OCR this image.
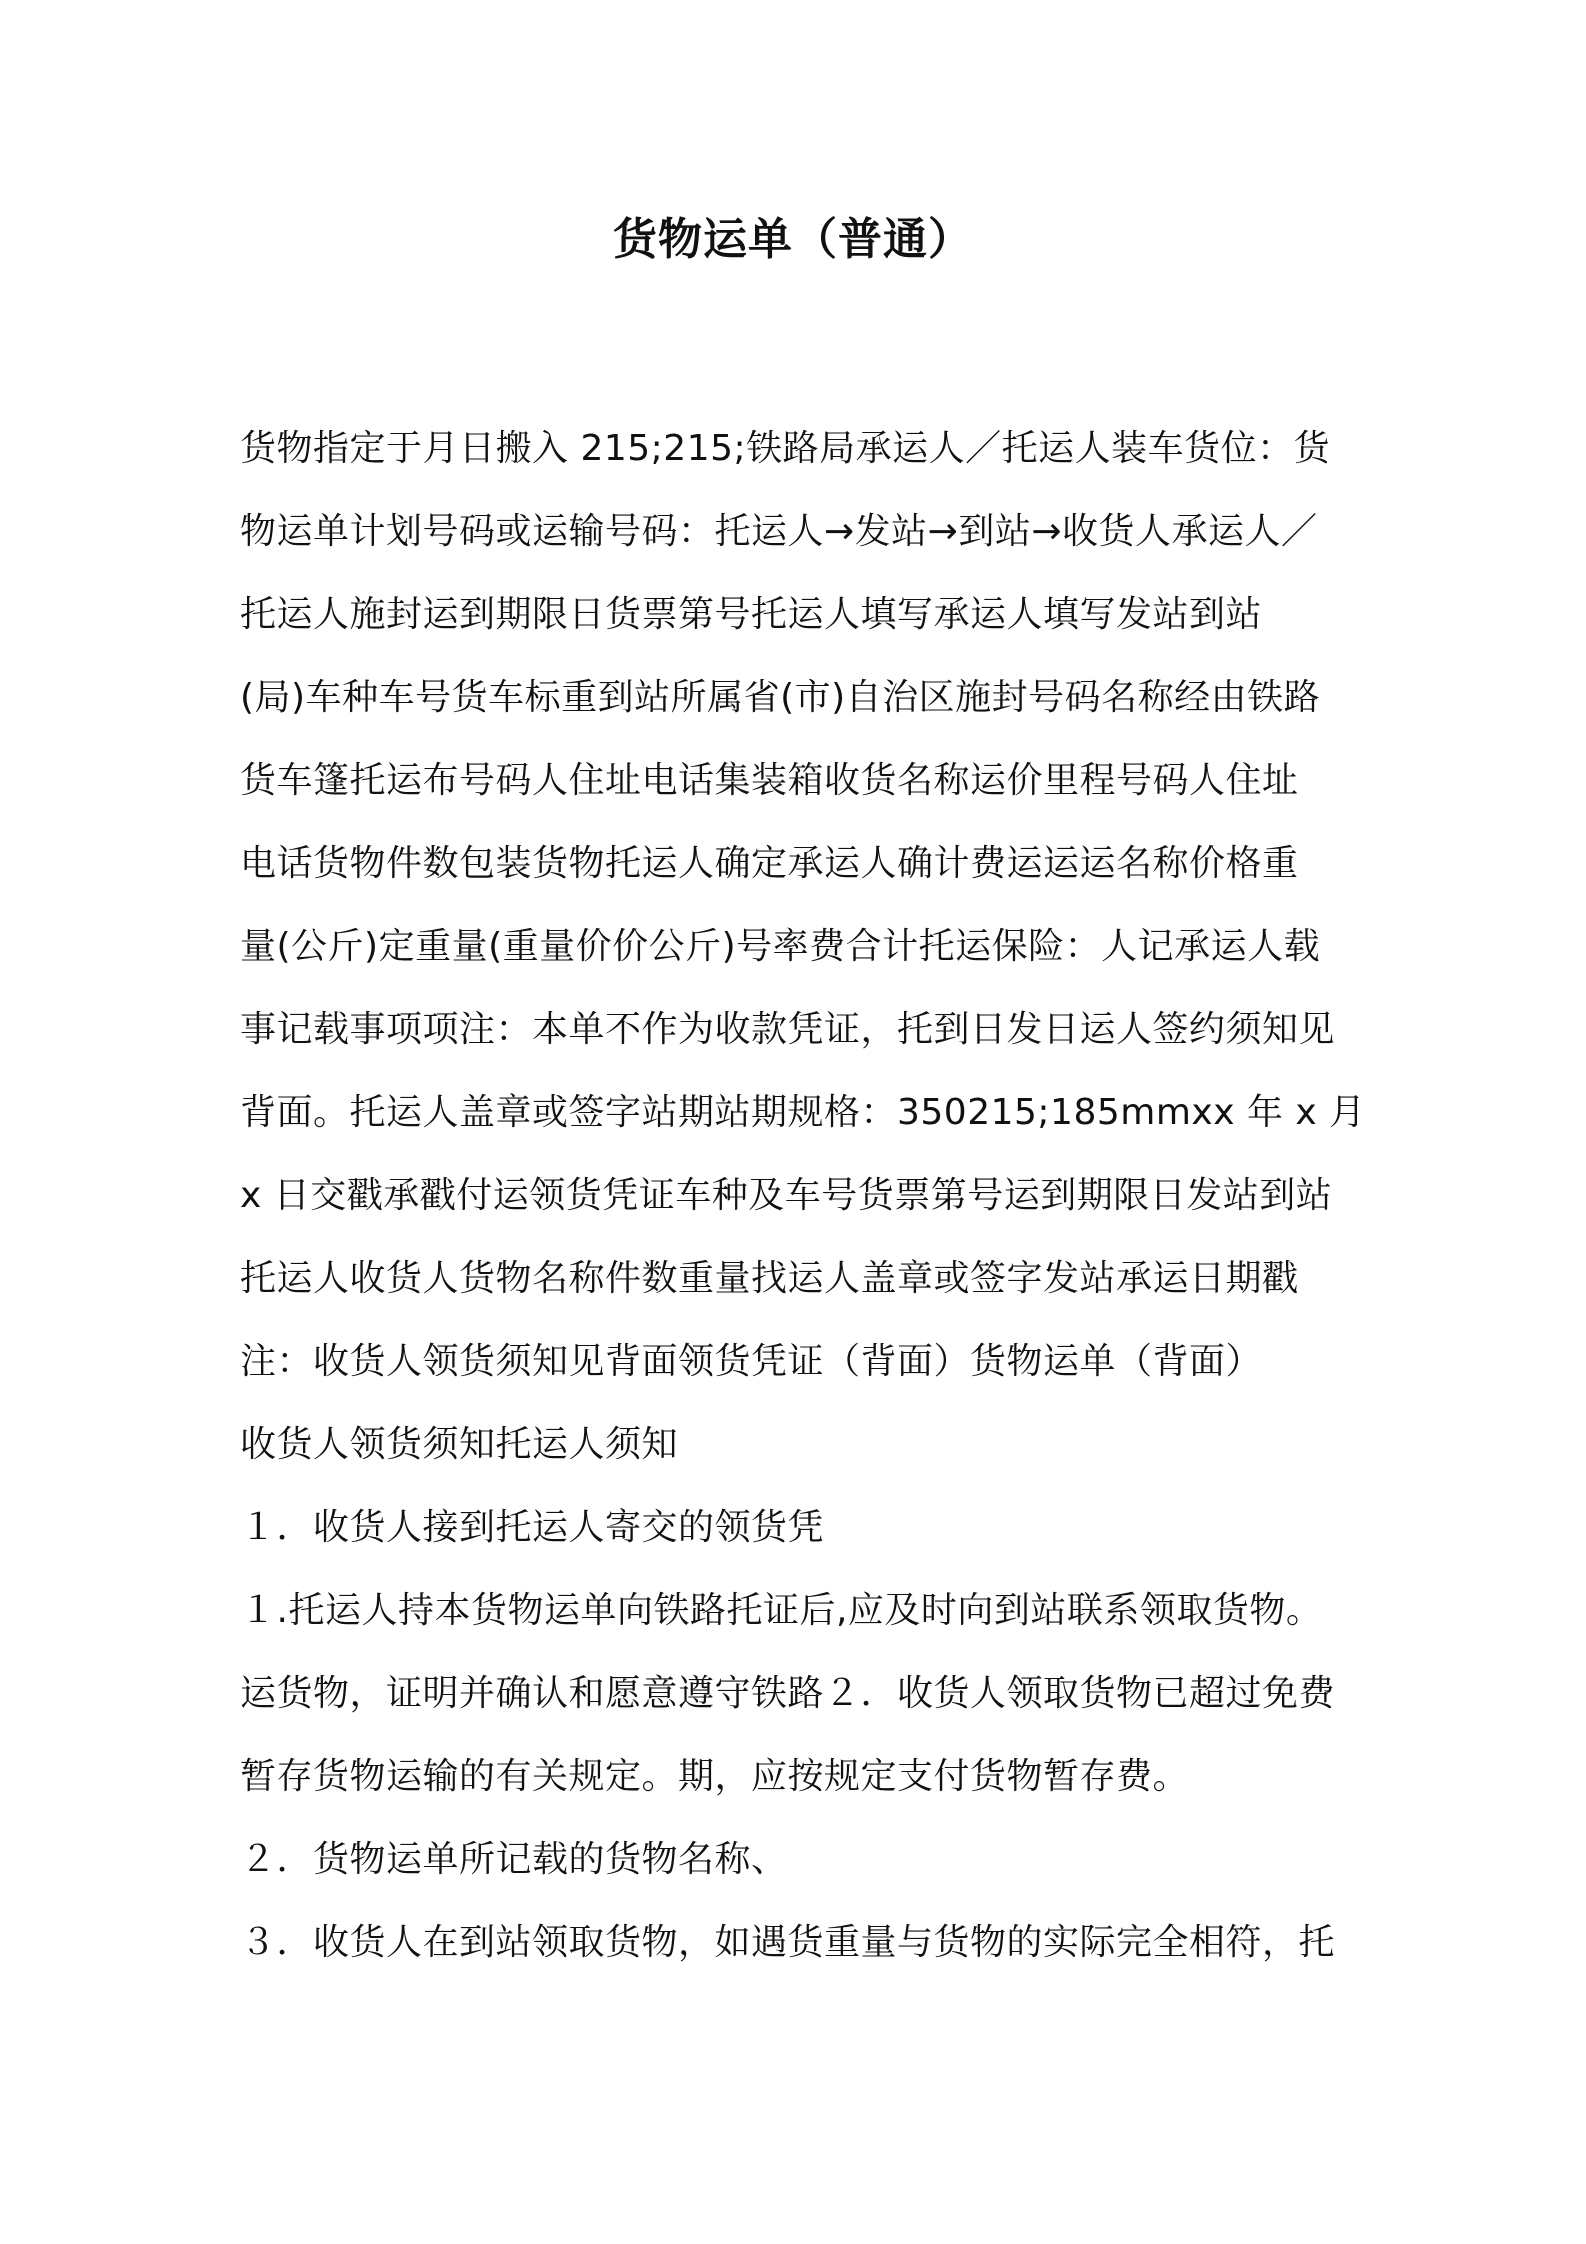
货物运单（普通）
货物指定于月日搬入 215;215;铁路局承运人／托运人装车货位：货
物运单计划号码或运输号码：托运人→发站→到站→收货人承运人／
托运人施封运到期限日货票第号托运人填写承运人填写发站到站
(局)车种车号货车标重到站所属省(市)自治区施封号码名称经由铁路
货车篷托运布号码人住址电话集装箱收货名称运价里程号码人住址
电话货物件数包装货物托运人确定承运人确计费运运运名称价格重
量(公斤)定重量(重量价价公斤)号率费合计托运保险：人记承运人载
事记载事项项注：本单不作为收款凭证，托到日发日运人签约须知见
背面。托运人盖章或签字站期站期规格：350215;185mmxx 年 x 月
x 日交戳承戳付运领货凭证车种及车号货票第号运到期限日发站到站
托运人收货人货物名称件数重量找运人盖章或签字发站承运日期戳
注：收货人领货须知见背面领货凭证（背面）货物运单（背面）
收货人领货须知托运人须知
１．收货人接到托运人寄交的领货凭
１.托运人持本货物运单向铁路托证后,应及时向到站联系领取货物。
运货物，证明并确认和愿意遵守铁路２．收货人领取货物已超过免费
暂存货物运输的有关规定。期，应按规定支付货物暂存费。
２．货物运单所记载的货物名称、
３．收货人在到站领取货物，如遇货重量与货物的实际完全相符，托
